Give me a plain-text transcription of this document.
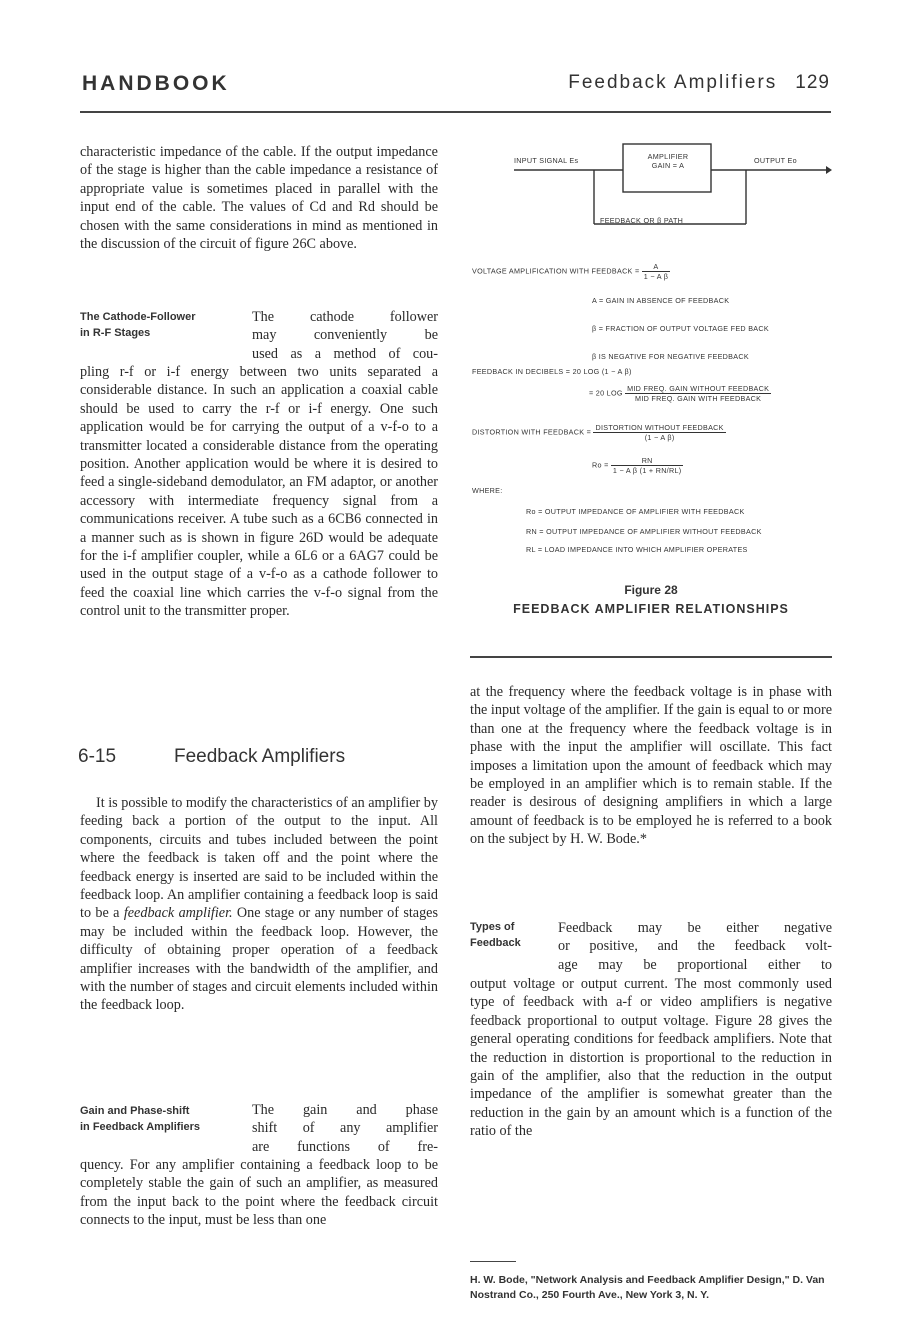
HANDBOOK	Feedback Amplifiers 129

characteristic impedance of the cable. If the output impedance of the stage is higher than the cable impedance a resistance of appropriate value is sometimes placed in parallel with the input end of the cable. The values of Cd and Rd should be chosen with the same considerations in mind as mentioned in the discussion of the circuit of figure 26C above.

The Cathode-Follower
in R-F Stages

The cathode follower

may conveniently be

used as a method of cou-

pling r-f or i-f energy between two units separated a considerable distance. In such an application a coaxial cable should be used to carry the r-f or i-f energy. One such application would be for carrying the output of a v-f-o to a transmitter located a considerable distance from the operating position. Another application would be where it is desired to feed a single-sideband demodulator, an FM adaptor, or another accessory with intermediate frequency signal from a communications receiver. A tube such as a 6CB6 connected in a manner such as is shown in figure 26D would be adequate for the i-f amplifier coupler, while a 6L6 or a 6AG7 could be used in the output stage of a v-f-o as a cathode follower to feed the coaxial line which carries the v-f-o signal from the control unit to the transmitter proper.

6-15	Feedback Amplifiers

It is possible to modify the characteristics of an amplifier by feeding back a portion of the output to the input. All components, circuits and tubes included between the point where the feedback is taken off and the point where the feedback energy is inserted are said to be included within the feedback loop. An amplifier containing a feedback loop is said to be a feedback amplifier. One stage or any number of stages may be included within the feedback loop. However, the difficulty of obtaining proper operation of a feedback amplifier increases with the bandwidth of the amplifier, and with the number of stages and circuit elements included within the feedback loop.

Gain and Phase-shift
in Feedback Amplifiers

The gain and phase

shift of any amplifier

are functions of fre-

quency. For any amplifier containing a feedback loop to be completely stable the gain of such an amplifier, as measured from the input back to the point where the feedback circuit connects to the input, must be less than one

INPUT SIGNAL Es	AMPLIFIER
GAIN = A
OUTPUT Eo
FEEDBACK OR β PATH
VOLTAGE AMPLIFICATION WITH FEEDBACK = $\frac{A}{\text{1 − A β}}$
A = GAIN IN ABSENCE OF FEEDBACK
β = FRACTION OF OUTPUT VOLTAGE FED BACK
β IS NEGATIVE FOR NEGATIVE FEEDBACK
FEEDBACK IN DECIBELS = 20 LOG (1 − A β)
= 20 LOG $\frac{\text{MID FREQ. GAIN WITHOUT FEEDBACK}}{\text{MID FREQ. GAIN WITH FEEDBACK}}$
DISTORTION WITH FEEDBACK = $\frac{\text{DISTORTION WITHOUT FEEDBACK}}{\text{(1 − A β)}}$
$Ro = \frac{RN}{\text{1 − A β (1 + RN/RL)}}$
WHERE:
Ro = OUTPUT IMPEDANCE OF AMPLIFIER WITH FEEDBACK
RN = OUTPUT IMPEDANCE OF AMPLIFIER WITHOUT FEEDBACK
RL = LOAD IMPEDANCE INTO WHICH AMPLIFIER OPERATES
Figure 28
FEEDBACK AMPLIFIER RELATIONSHIPS

at the frequency where the feedback voltage is in phase with the input voltage of the amplifier. If the gain is equal to or more than one at the frequency where the feedback voltage is in phase with the input the amplifier will oscillate. This fact imposes a limitation upon the amount of feedback which may be employed in an amplifier which is to remain stable. If the reader is desirous of designing amplifiers in which a large amount of feedback is to be employed he is referred to a book on the subject by H. W. Bode.*

Types of
Feedback

Feedback may be either negative

or positive, and the feedback volt-

age may be proportional either to

output voltage or output current. The most commonly used type of feedback with a-f or video amplifiers is negative feedback proportional to output voltage. Figure 28 gives the general operating conditions for feedback amplifiers. Note that the reduction in distortion is proportional to the reduction in gain of the amplifier, also that the reduction in the output impedance of the amplifier is somewhat greater than the reduction in the gain by an amount which is a function of the ratio of the

H. W. Bode, "Network Analysis and Feedback Amplifier Design," D. Van Nostrand Co., 250 Fourth Ave., New York 3, N. Y.
